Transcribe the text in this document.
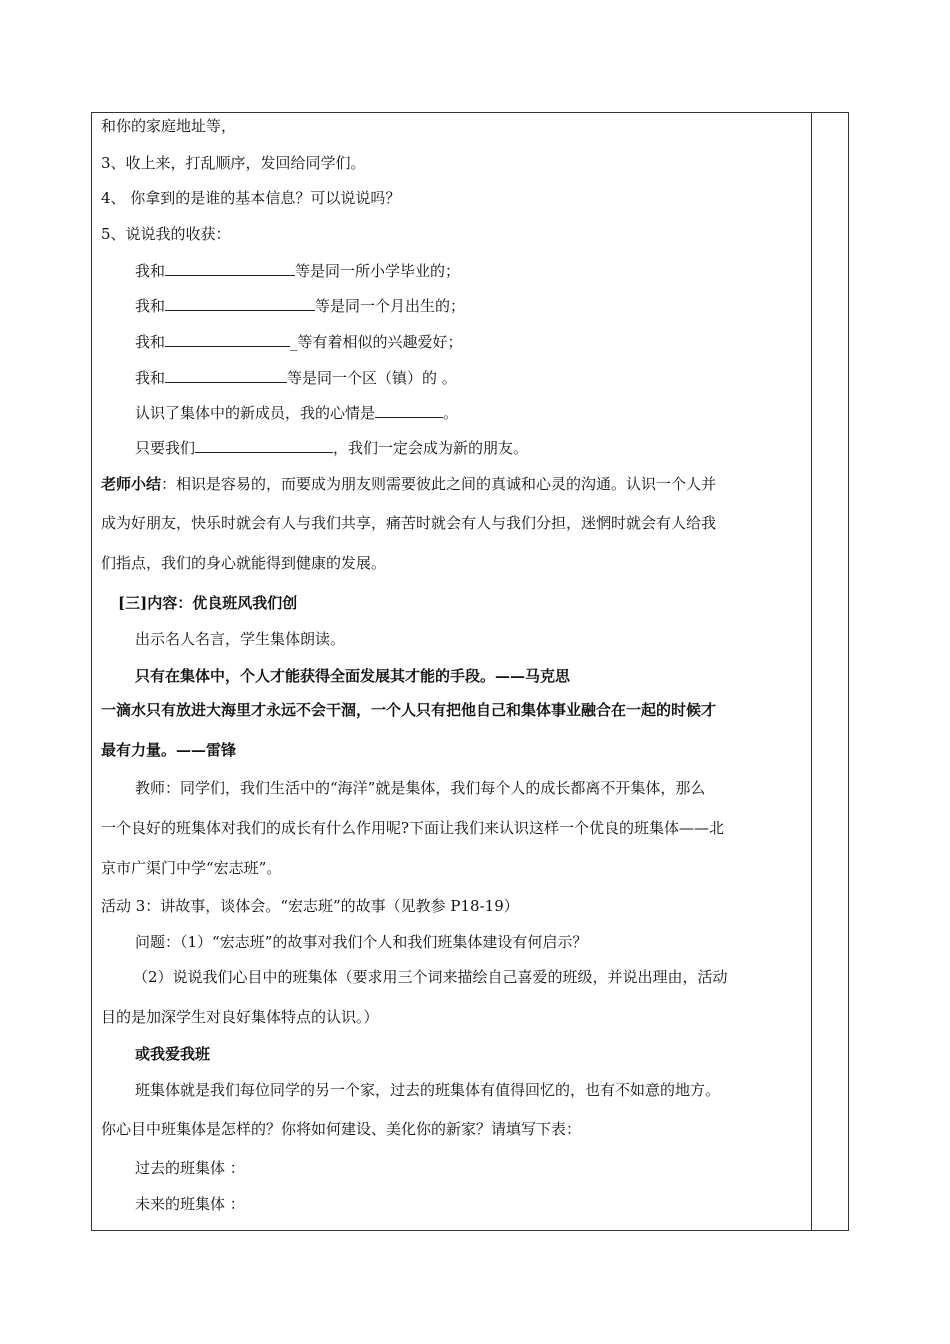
和你的家庭地址等，
3、收上来，打乱顺序，发回给同学们。
4、 你拿到的是谁的基本信息？可以说说吗？
5、说说我的收获：
我和	等是同一所小学毕业的；
我和	等是同一个月出生的；
我和	_等有着相似的兴趣爱好；
我和	等是同一个区（镇）的 。
认识了集体中的新成员，我的心情是	。
只要我们	，我们一定会成为新的朋友。
老师小结：相识是容易的，而要成为朋友则需要彼此之间的真诚和心灵的沟通。认识一个人并
成为好朋友，快乐时就会有人与我们共享，痛苦时就会有人与我们分担，迷惘时就会有人给我
们指点，我们的身心就能得到健康的发展。
[三]内容：优良班风我们创
出示名人名言，学生集体朗读。
只有在集体中，个人才能获得全面发展其才能的手段。——马克思
一滴水只有放进大海里才永远不会干涸，一个人只有把他自己和集体事业融合在一起的时候才
最有力量。——雷锋
教师：同学们，我们生活中的“海洋”就是集体，我们每个人的成长都离不开集体，那么
一个良好的班集体对我们的成长有什么作用呢?下面让我们来认识这样一个优良的班集体——北
京市广渠门中学“宏志班”。
活动 3：讲故事，谈体会。“宏志班”的故事（见教参 P18-19）
问题：（1）“宏志班”的故事对我们个人和我们班集体建设有何启示？
（2）说说我们心目中的班集体（要求用三个词来描绘自己喜爱的班级，并说出理由，活动
目的是加深学生对良好集体特点的认识。）
或我爱我班
班集体就是我们每位同学的另一个家，过去的班集体有值得回忆的，也有不如意的地方。
你心目中班集体是怎样的？你将如何建设、美化你的新家？请填写下表：
过去的班集体 ：
未来的班集体 ：
